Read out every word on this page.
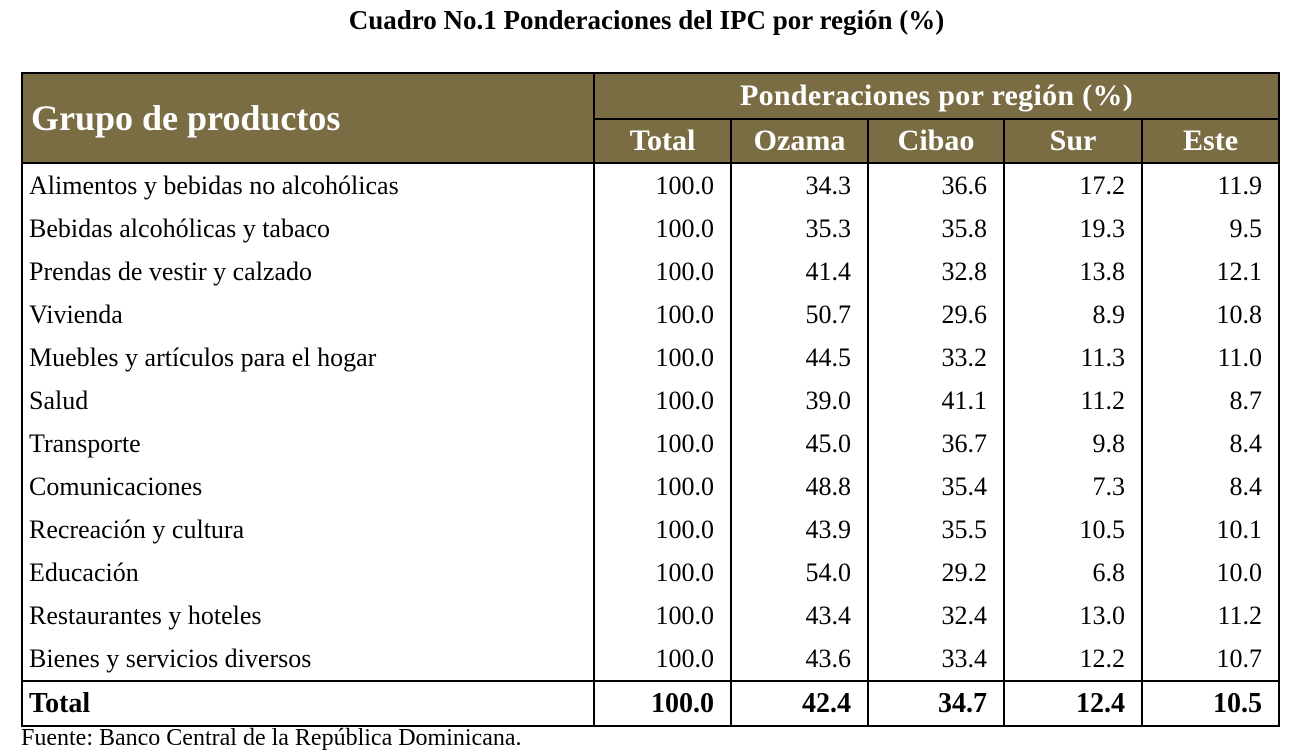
Cuadro No.1 Ponderaciones del IPC por región (%)
Grupo de productos	Ponderaciones por región (%)				
	Total	Ozama	Cibao	Sur	Este
Alimentos y bebidas no alcohólicas	100.0	34.3	36.6	17.2	11.9
Bebidas alcohólicas y tabaco	100.0	35.3	35.8	19.3	9.5
Prendas de vestir y calzado	100.0	41.4	32.8	13.8	12.1
Vivienda	100.0	50.7	29.6	8.9	10.8
Muebles y artículos para el hogar	100.0	44.5	33.2	11.3	11.0
Salud	100.0	39.0	41.1	11.2	8.7
Transporte	100.0	45.0	36.7	9.8	8.4
Comunicaciones	100.0	48.8	35.4	7.3	8.4
Recreación y cultura	100.0	43.9	35.5	10.5	10.1
Educación	100.0	54.0	29.2	6.8	10.0
Restaurantes y hoteles	100.0	43.4	32.4	13.0	11.2
Bienes y servicios diversos	100.0	43.6	33.4	12.2	10.7
Total	100.0	42.4	34.7	12.4	10.5
Fuente: Banco Central de la República Dominicana.
